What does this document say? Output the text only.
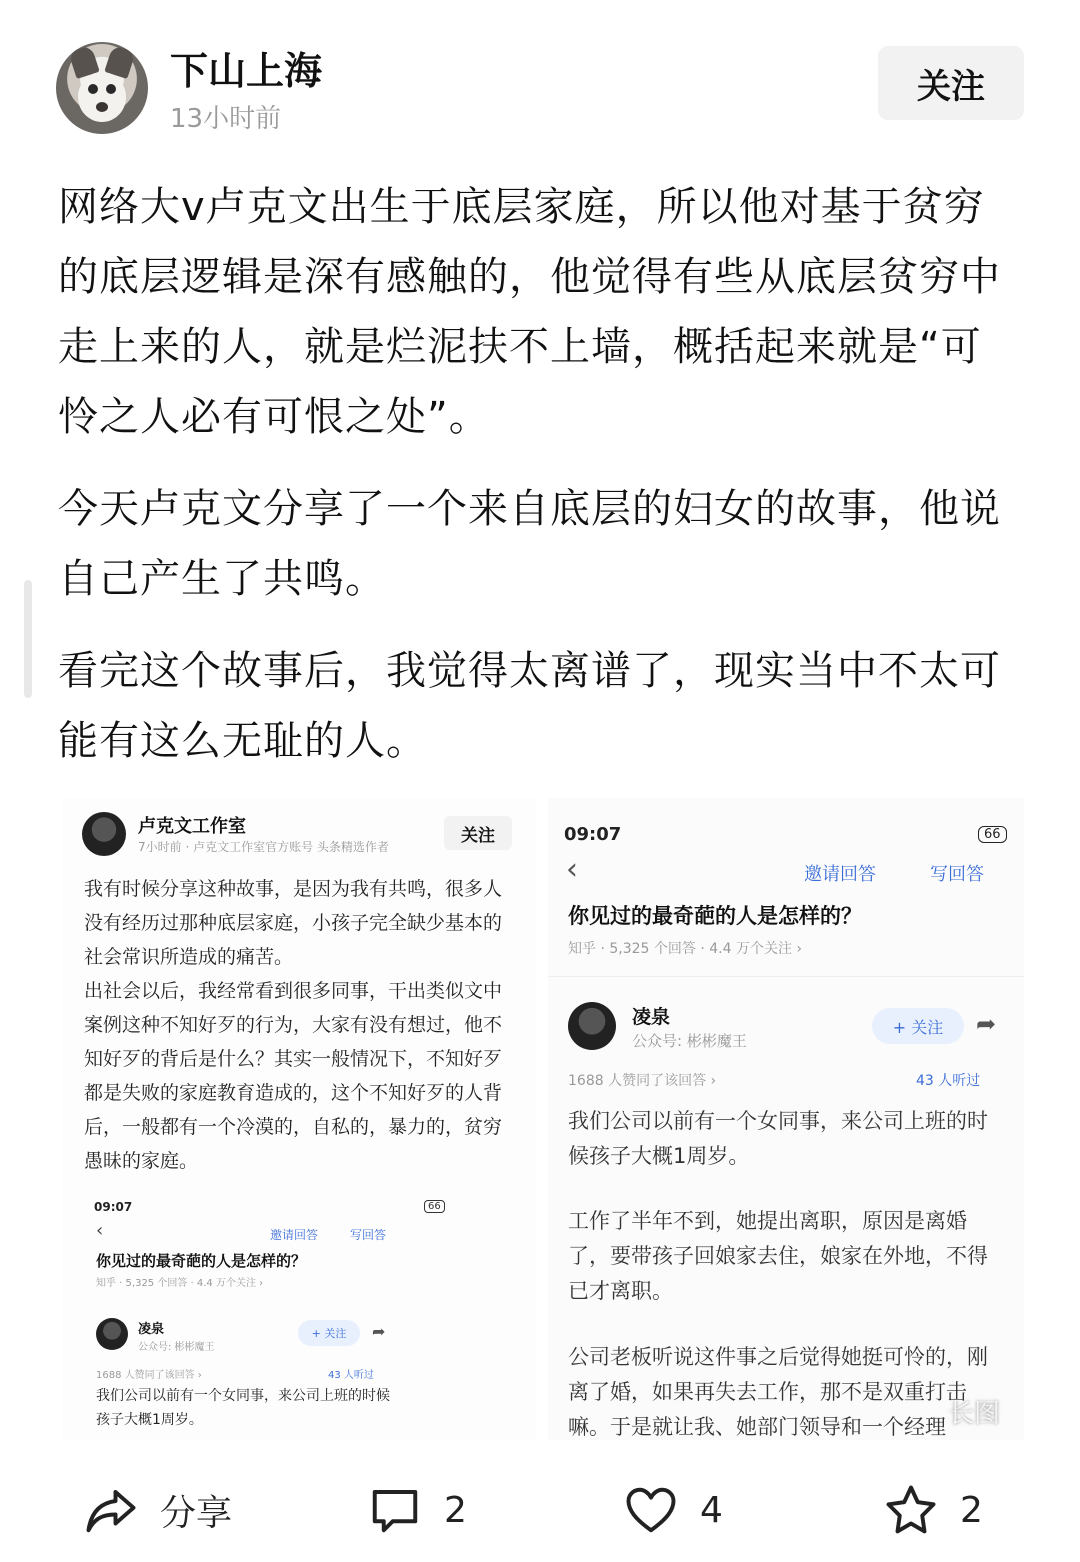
下山上海
13小时前
关注

网络大v卢克文出生于底层家庭，所以他对基于贫穷的底层逻辑是深有感触的，他觉得有些从底层贫穷中走上来的人，就是烂泥扶不上墙，概括起来就是“可怜之人必有可恨之处”。

今天卢克文分享了一个来自底层的妇女的故事，他说自己产生了共鸣。

看完这个故事后，我觉得太离谱了，现实当中不太可能有这么无耻的人。

卢克文工作室
7小时前 · 卢克文工作室官方账号 头条精选作者
关注
我有时候分享这种故事，是因为我有共鸣，很多人没有经历过那种底层家庭，小孩子完全缺少基本的社会常识所造成的痛苦。
出社会以后，我经常看到很多同事，干出类似文中案例这种不知好歹的行为，大家有没有想过，他不知好歹的背后是什么？其实一般情况下，不知好歹都是失败的家庭教育造成的，这个不知好歹的人背后，一般都有一个冷漠的，自私的，暴力的，贫穷愚昧的家庭。
09:07	66
‹	邀请回答	写回答
你见过的最奇葩的人是怎样的？
知乎 · 5,325 个回答 · 4.4 万个关注 ›
凌泉
公众号: 彬彬魔王
+ 关注	➦
1688 人赞同了该回答 ›	43 人听过
我们公司以前有一个女同事，来公司上班的时候孩子大概1周岁。
09:07	66
‹	邀请回答	写回答
你见过的最奇葩的人是怎样的？
知乎 · 5,325 个回答 · 4.4 万个关注 ›
凌泉
公众号: 彬彬魔王
+ 关注	➦
1688 人赞同了该回答 ›	43 人听过
我们公司以前有一个女同事，来公司上班的时候孩子大概1周岁。
工作了半年不到，她提出离职，原因是离婚了，要带孩子回娘家去住，娘家在外地，不得已才离职。
公司老板听说这件事之后觉得她挺可怜的，刚离了婚，如果再失去工作，那不是双重打击嘛。于是就让我、她部门领导和一个经理 长图
分享	2	4	2
